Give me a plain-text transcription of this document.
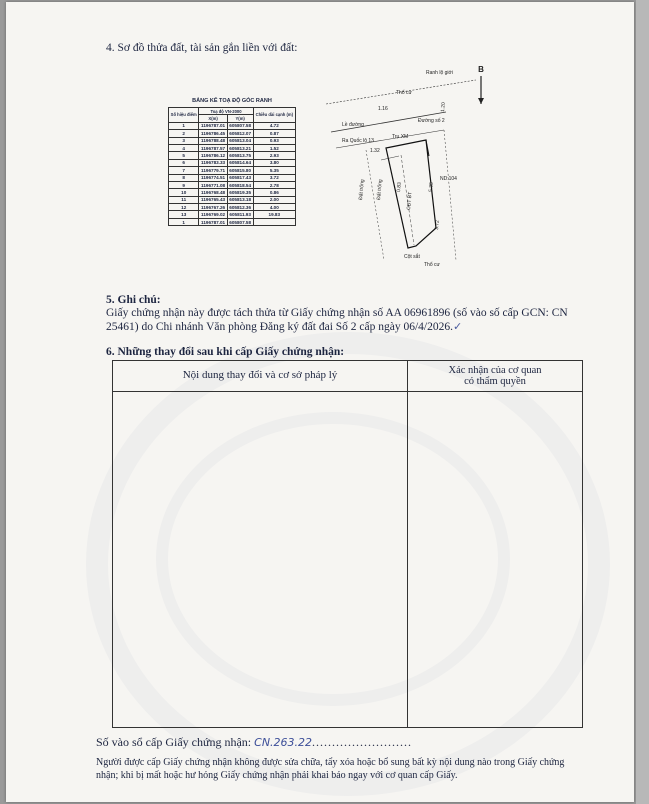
4. Sơ đồ thửa đất, tài sản gắn liền với đất:
BẢNG KÊ TOẠ ĐỘ GÓC RANH
Số hiệu điểm	Toạ độ VN-2000		Chiều dài cạnh (m)
	X(m)	Y(m)	
1	1196787.01	605807.58	4.72
2	1196786.45	605812.07	0.87
3	1196788.48	605813.04	0.93
4	1196787.57	605813.21	1.52
5	1196786.12	605813.75	2.93
6	1196783.33	605814.64	3.80
7	1196779.71	605815.80	5.35
8	1196774.51	605817.43	3.72
9	1196771.08	605818.54	2.78
10	1196768.48	605819.35	0.86
11	1196765.43	605813.18	2.00
12	1196767.26	605812.36	4.00
13	1196769.02	605811.93	19.83
1	1196787.01	605807.58	
B
Thổ cư
Ranh lộ giới
Đường số 2
Lề đường
Ra Quốc lộ 13
Trụ XM
Đất trống Đất trống
CĐT BT
ND:104
Thổ cư
Cột sắt
1.16	1.20
1.32
0.83
3.72
5.35
5. Ghi chú:
Giấy chứng nhận này được tách thửa từ Giấy chứng nhận số AA 06961896 (số vào số cấp GCN: CN 25461) do Chi nhánh Văn phòng Đăng ký đất đai Số 2 cấp ngày 06/4/2026.✓
6. Những thay đổi sau khi cấp Giấy chứng nhận:
Nội dung thay đổi và cơ sở pháp lý	Xác nhận của cơ quan
có thẩm quyền
Số vào sổ cấp Giấy chứng nhận: CN.263.22.........................
Người được cấp Giấy chứng nhận không được sửa chữa, tẩy xóa hoặc bổ sung bất kỳ nội dung nào trong Giấy chứng nhận; khi bị mất hoặc hư hỏng Giấy chứng nhận phải khai báo ngay với cơ quan cấp Giấy.
